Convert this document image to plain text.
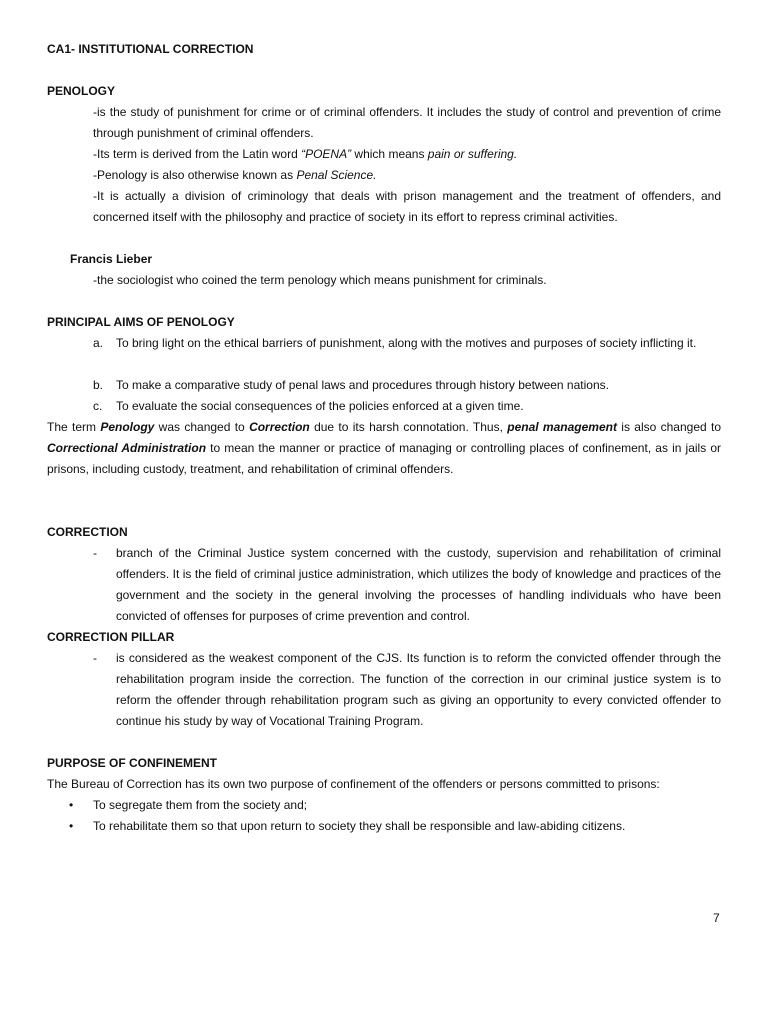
CA1- INSTITUTIONAL CORRECTION

PENOLOGY

-is the study of punishment for crime or of criminal offenders. It includes the study of control and prevention of crime through punishment of criminal offenders.

-Its term is derived from the Latin word “POENA” which means pain or suffering.

-Penology is also otherwise known as Penal Science.

-It is actually a division of criminology that deals with prison management and the treatment of offenders, and concerned itself with the philosophy and practice of society in its effort to repress criminal activities.

Francis Lieber

-the sociologist who coined the term penology which means punishment for criminals.

PRINCIPAL AIMS OF PENOLOGY

a. To bring light on the ethical barriers of punishment, along with the motives and purposes of society inflicting it.
b. To make a comparative study of penal laws and procedures through history between nations.
c. To evaluate the social consequences of the policies enforced at a given time.

The term Penology was changed to Correction due to its harsh connotation. Thus, penal management is also changed to Correctional Administration to mean the manner or practice of managing or controlling places of confinement, as in jails or prisons, including custody, treatment, and rehabilitation of criminal offenders.

CORRECTION

- branch of the Criminal Justice system concerned with the custody, supervision and rehabilitation of criminal offenders. It is the field of criminal justice administration, which utilizes the body of knowledge and practices of the government and the society in the general involving the processes of handling individuals who have been convicted of offenses for purposes of crime prevention and control.

CORRECTION PILLAR

- is considered as the weakest component of the CJS. Its function is to reform the convicted offender through the rehabilitation program inside the correction. The function of the correction in our criminal justice system is to reform the offender through rehabilitation program such as giving an opportunity to every convicted offender to continue his study by way of Vocational Training Program.

PURPOSE OF CONFINEMENT

The Bureau of Correction has its own two purpose of confinement of the offenders or persons committed to prisons:

• To segregate them from the society and;

• To rehabilitate them so that upon return to society they shall be responsible and law-abiding citizens.

7
